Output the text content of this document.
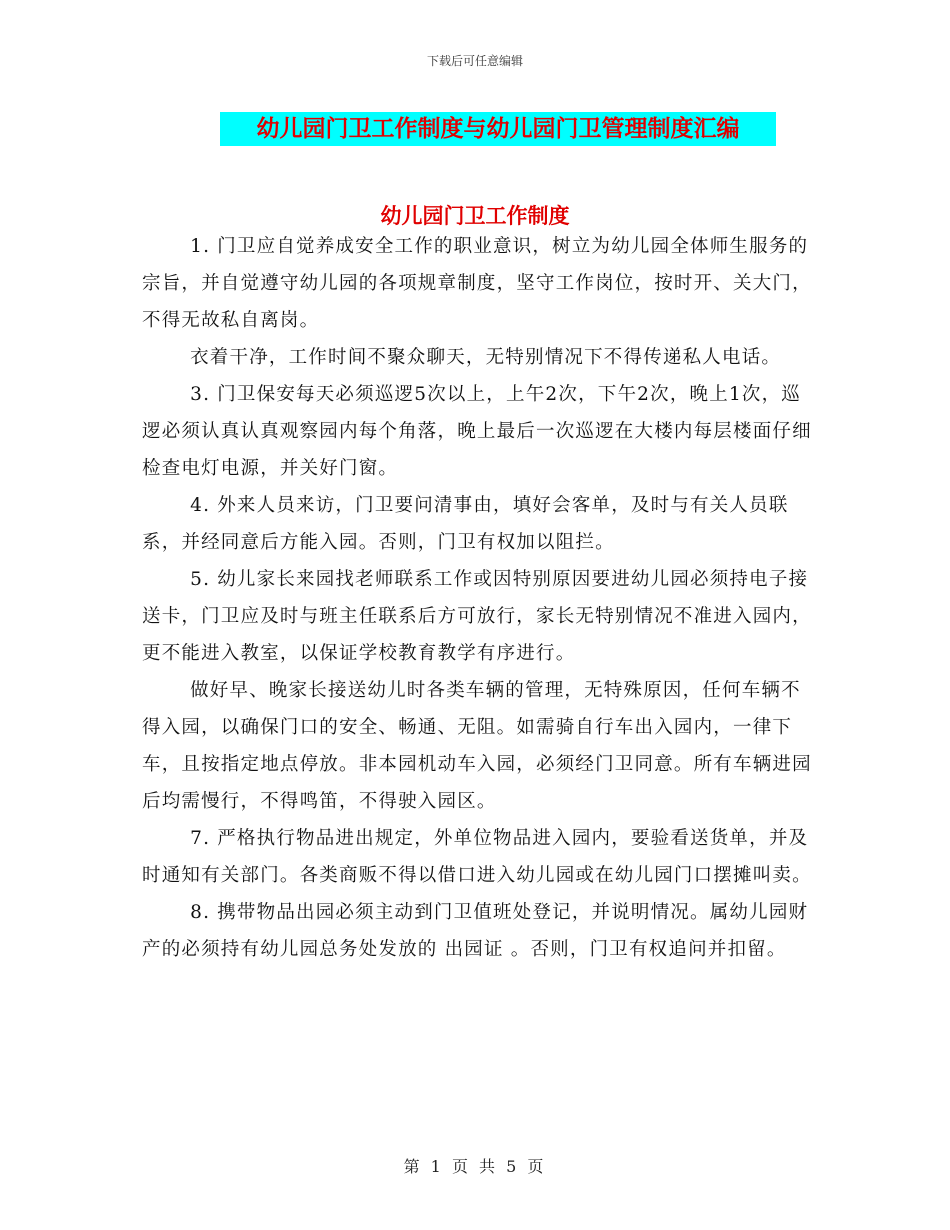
下载后可任意编辑
幼儿园门卫工作制度与幼儿园门卫管理制度汇编
幼儿园门卫工作制度

1. 门卫应自觉养成安全工作的职业意识，树立为幼儿园全体师生服务的宗旨，并自觉遵守幼儿园的各项规章制度，坚守工作岗位，按时开、关大门，不得无故私自离岗。

衣着干净，工作时间不聚众聊天，无特别情况下不得传递私人电话。

3. 门卫保安每天必须巡逻5次以上，上午2次，下午2次，晚上1次，巡逻必须认真认真观察园内每个角落，晚上最后一次巡逻在大楼内每层楼面仔细检查电灯电源，并关好门窗。

4. 外来人员来访，门卫要问清事由，填好会客单，及时与有关人员联系，并经同意后方能入园。否则，门卫有权加以阻拦。

5. 幼儿家长来园找老师联系工作或因特别原因要进幼儿园必须持电子接送卡，门卫应及时与班主任联系后方可放行，家长无特别情况不准进入园内，更不能进入教室，以保证学校教育教学有序进行。

做好早、晚家长接送幼儿时各类车辆的管理，无特殊原因，任何车辆不得入园，以确保门口的安全、畅通、无阻。如需骑自行车出入园内，一律下车，且按指定地点停放。非本园机动车入园，必须经门卫同意。所有车辆进园后均需慢行，不得鸣笛，不得驶入园区。

7. 严格执行物品进出规定，外单位物品进入园内，要验看送货单，并及时通知有关部门。各类商贩不得以借口进入幼儿园或在幼儿园门口摆摊叫卖。

8. 携带物品出园必须主动到门卫值班处登记，并说明情况。属幼儿园财产的必须持有幼儿园总务处发放的 出园证 。否则，门卫有权追问并扣留。

第 1 页 共 5 页
